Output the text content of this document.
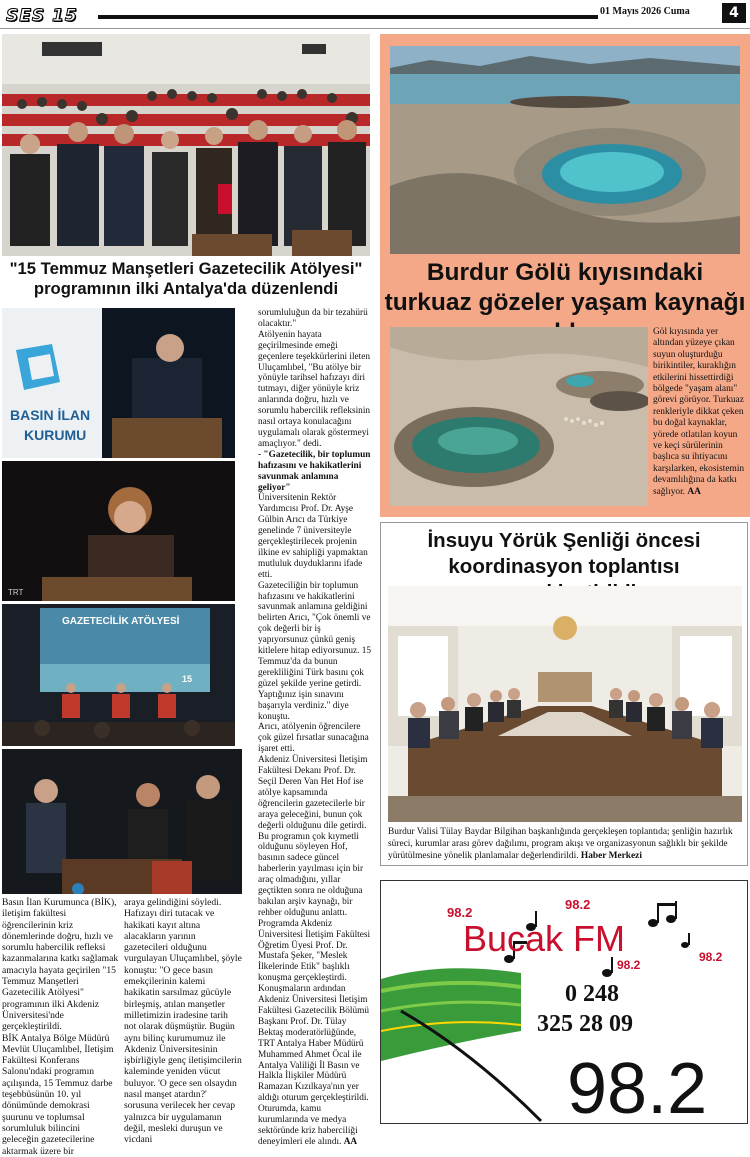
SES 15	01 Mayıs 2026 Cuma	4
"15 Temmuz Manşetleri Gazetecilik Atölyesi" programının ilki Antalya'da düzenlendi
BASIN İLAN
KURUMU
TRT
GAZETECİLİK ATÖLYESİ
15

Basın İlan Kurumunca (BİK), iletişim fakültesi öğrencilerinin kriz dönemlerinde doğru, hızlı ve sorumlu habercilik refleksi kazanmalarına katkı sağlamak amacıyla hayata geçirilen "15 Temmuz Manşetleri Gazetecilik Atölyesi" programının ilki Akdeniz Üniversitesi'nde gerçekleştirildi.
BİK Antalya Bölge Müdürü Mevlüt Uluçamlıbel, İletişim Fakültesi Konferans Salonu'ndaki programın açılışında, 15 Temmuz darbe teşebbüsünün 10. yıl dönümünde demokrasi şuurunu ve toplumsal sorumluluk bilincini geleceğin gazetecilerine aktarmak üzere bir

araya gelindiğini söyledi. Hafızayı diri tutacak ve hakikati kayıt altına alacakların yarının gazetecileri olduğunu vurgulayan Uluçamlıbel, şöyle konuştu: "O gece basın emekçilerinin kalemi hakikatin sarsılmaz gücüyle birleşmiş, atılan manşetler milletimizin iradesine tarih not olarak düşmüştür. Bugün aynı bilinç kurumumuz ile Akdeniz Üniversitesinin işbirliğiyle genç iletişimcilerin kaleminde yeniden vücut buluyor. 'O gece sen olsaydın nasıl manşet atardın?' sorusuna verilecek her cevap yalnızca bir uygulamanın değil, mesleki duruşun ve vicdani

sorumluluğun da bir tezahürü olacaktır."
Atölyenin hayata geçirilmesinde emeği geçenlere teşekkürlerini ileten Uluçamlıbel, "Bu atölye bir yönüyle tarihsel hafızayı diri tutmayı, diğer yönüyle kriz anlarında doğru, hızlı ve sorumlu habercilik refleksinin nasıl ortaya konulacağını uygulamalı olarak göstermeyi amaçlıyor." dedi.

- "Gazetecilik, bir toplumun hafızasını ve hakikatlerini savunmak anlamına geliyor"

Üniversitenin Rektör Yardımcısı Prof. Dr. Ayşe Gülbin Arıcı da Türkiye genelinde 7 üniversiteyle gerçekleştirilecek projenin ilkine ev sahipliği yapmaktan mutluluk duyduklarını ifade etti.
Gazeteciliğin bir toplumun hafızasını ve hakikatlerini savunmak anlamına geldiğini belirten Arıcı, "Çok önemli ve çok değerli bir iş yapıyorsunuz çünkü geniş kitlelere hitap ediyorsunuz. 15 Temmuz'da da bunun gerekliliğini Türk basını çok güzel şekilde yerine getirdi. Yaptığınız işin sınavını başarıyla verdiniz." diye konuştu.
Arıcı, atölyenin öğrencilere çok güzel fırsatlar sunacağına işaret etti.
Akdeniz Üniversitesi İletişim Fakültesi Dekanı Prof. Dr. Seçil Deren Van Het Hof ise atölye kapsamında öğrencilerin gazetecilerle bir araya geleceğini, bunun çok değerli olduğunu dile getirdi.
Bu programın çok kıymetli olduğunu söyleyen Hof, basının sadece güncel haberlerin yayılması için bir araç olmadığını, yıllar geçtikten sonra ne olduğuna bakılan arşiv kaynağı, bir rehber olduğunu anlattı.
Programda Akdeniz Üniversitesi İletişim Fakültesi Öğretim Üyesi Prof. Dr. Mustafa Şeker, "Meslek İlkelerinde Etik" başlıklı konuşma gerçekleştirdi.
Konuşmaların ardından Akdeniz Üniversitesi İletişim Fakültesi Gazetecilik Bölümü Başkanı Prof. Dr. Tülay Bektaş moderatörlüğünde, TRT Antalya Haber Müdürü Muhammed Ahmet Öcal ile Antalya Valiliği İl Basın ve Halkla İlişkiler Müdürü Ramazan Kızılkaya'nın yer aldığı oturum gerçekleştirildi.
Oturumda, kamu kurumlarında ve medya sektöründe kriz haberciliği deneyimleri ele alındı. AA

Burdur Gölü kıyısındaki turkuaz gözeler yaşam kaynağı

Göl kıyısında yer altından yüzeye çıkan suyun oluşturduğu birikintiler, kuraklığın etkilerini hissettirdiği bölgede "yaşam alanı" görevi görüyor. Turkuaz renkleriyle dikkat çeken bu doğal kaynaklar, yörede otlatılan koyun ve keçi sürülerinin başlıca su ihtiyacını karşılarken, ekosistemin devamlılığına da katkı sağlıyor. AA

İnsuyu Yörük Şenliği öncesi koordinasyon toplantısı
Burdur Valisi Tülay Baydar Bilgihan başkanlığında gerçekleşen toplantıda; şenliğin hazırlık süreci, kurumlar arası görev dağılımı, program akışı ve organizasyonun sağlıklı bir şekilde yürütülmesine yönelik planlamalar değerlendirildi. Haber Merkezi
98.2
98.2
98.2
98.2
Bucak FM
0 248
325 28 09
98.2
